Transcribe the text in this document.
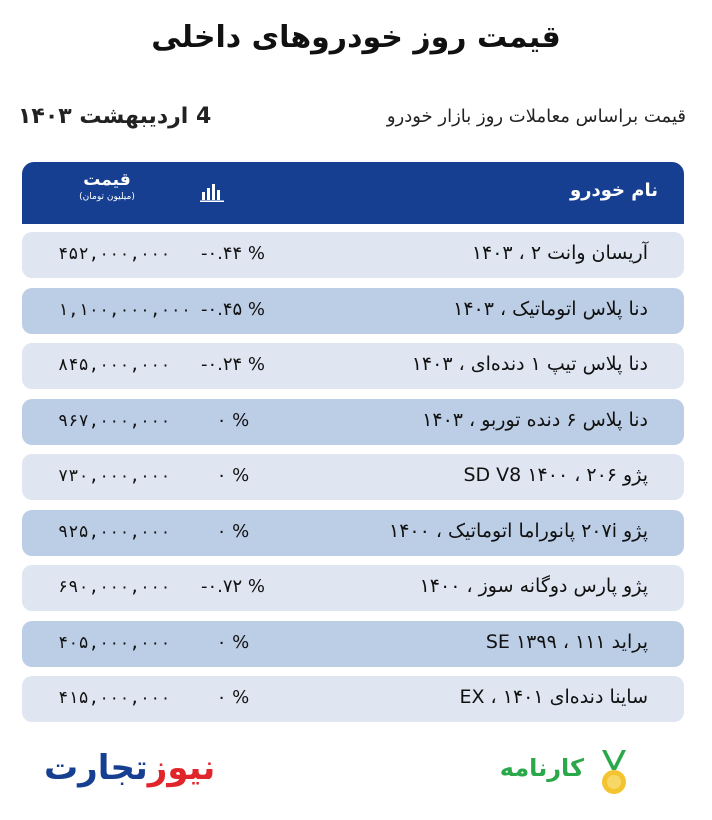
قیمت روز خودروهای داخلی
4 اردیبهشت ۱۴۰۳	قیمت براساس معاملات روز بازار خودرو
نام خودرو
قیمت
(میلیون تومان)
آریسان وانت ۲ ، ۱۴۰۳
-۰.۴۴ %
۴۵۲,۰۰۰,۰۰۰
دنا پلاس اتوماتیک ، ۱۴۰۳
-۰.۴۵ %
۱,۱۰۰,۰۰۰,۰۰۰
دنا پلاس تیپ ۱ دنده‌ای ، ۱۴۰۳
-۰.۲۴ %
۸۴۵,۰۰۰,۰۰۰
دنا پلاس ۶ دنده توربو ، ۱۴۰۳
۰ %
۹۶۷,۰۰۰,۰۰۰
پژو ۲۰۶ ، ۱۴۰۰ SD V8
۰ %
۷۳۰,۰۰۰,۰۰۰
پژو ۲۰۷i پانوراما اتوماتیک ، ۱۴۰۰
۰ %
۹۲۵,۰۰۰,۰۰۰
پژو پارس دوگانه سوز ، ۱۴۰۰
-۰.۷۲ %
۶۹۰,۰۰۰,۰۰۰
پراید ۱۱۱ ، ۱۳۹۹ SE
۰ %
۴۰۵,۰۰۰,۰۰۰
ساینا دنده‌ای ۱۴۰۱ ، EX
۰ %
۴۱۵,۰۰۰,۰۰۰
نیوزتجارت	کارنامه
